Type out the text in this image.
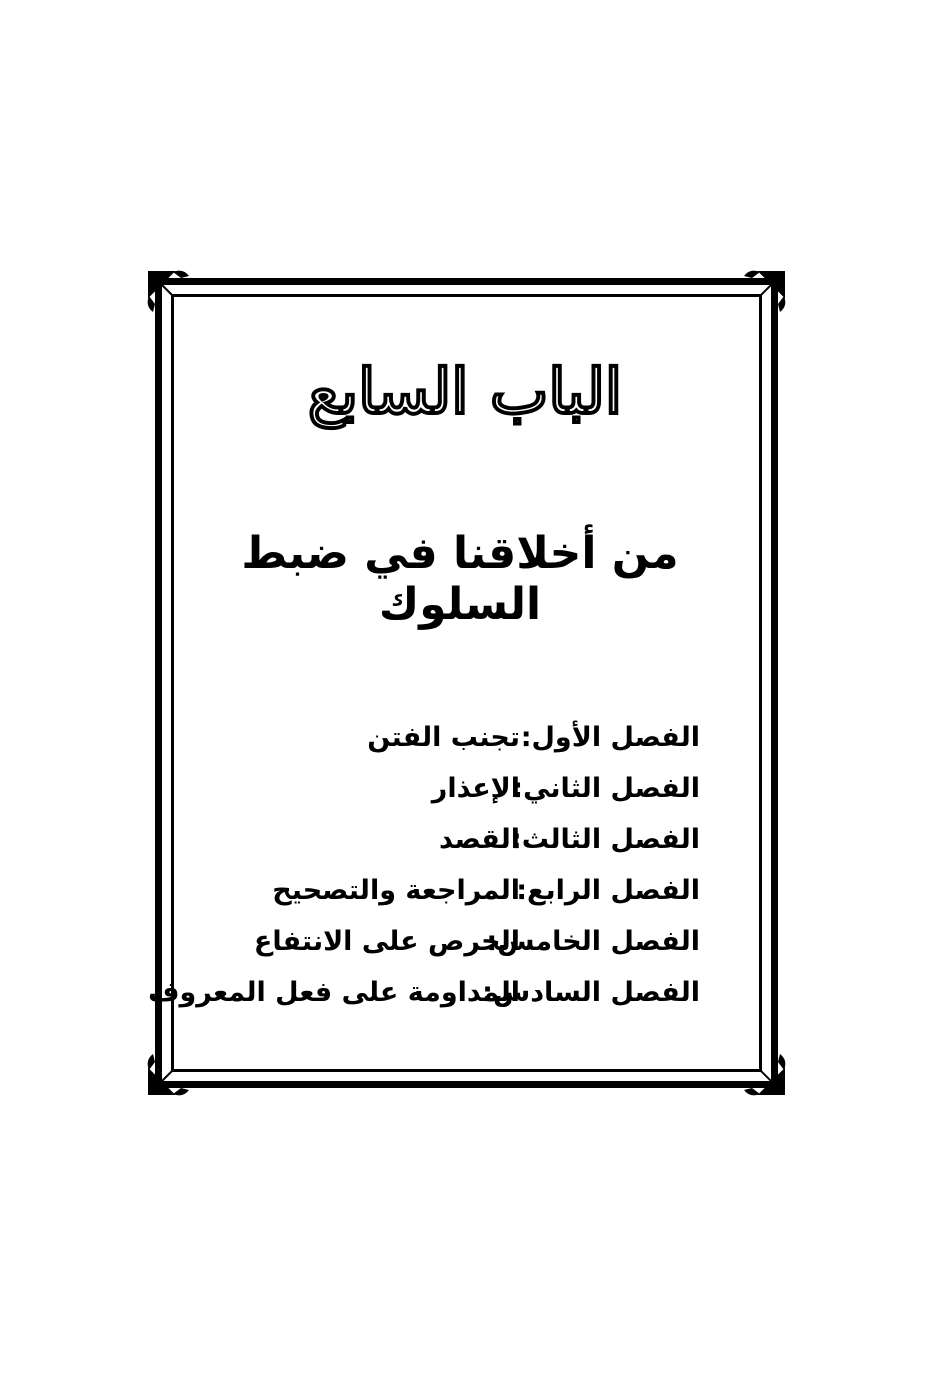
الباب السابع
من أخلاقنا في ضبط السلوك
الفصل الأول:
تجنب الفتن
الفصل الثاني:
الإعذار
الفصل الثالث:
القصد
الفصل الرابع:
المراجعة والتصحيح
الفصل الخامس:
الحرص على الانتفاع
الفصل السادس:
المداومة على فعل المعروف
